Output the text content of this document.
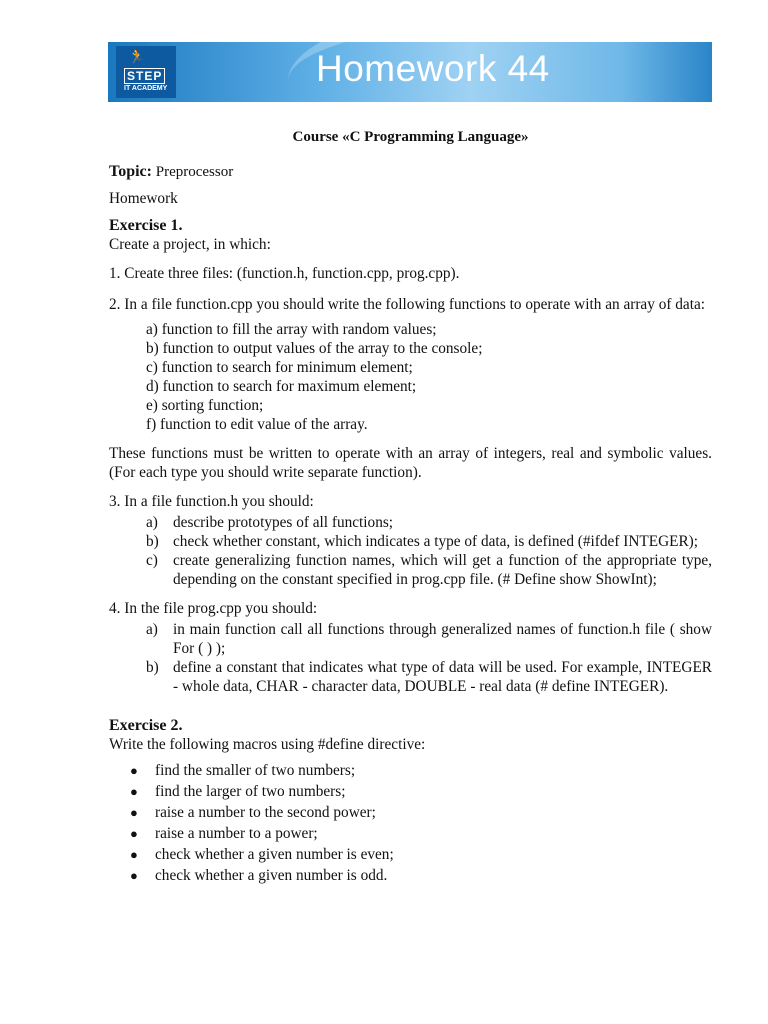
🏃
STEP
IT ACADEMY	Homework 44

Course «C Programming Language»

Topic: Preprocessor

Homework

Exercise 1.

Create a project, in which:

1. Create three files: (function.h, function.cpp, prog.cpp).

2. In a file function.cpp you should write the following functions to operate with an array of data:

a) function to fill the array with random values;
b) function to output values of the array to the console;
c) function to search for minimum element;
d) function to search for maximum element;
e) sorting function;
f) function to edit value of the array.

These functions must be written to operate with an array of integers, real and symbolic values. (For each type you should write separate function).

3. In a file function.h you should:

a) describe prototypes of all functions;
b) check whether constant, which indicates a type of data, is defined (#ifdef INTEGER);
c) create generalizing function names, which will get a function of the appropriate type, depending on the constant specified in prog.cpp file. (# Define show ShowInt);

4. In the file prog.cpp you should:

a) in main function call all functions through generalized names of function.h file ( show For ( ) );
b) define a constant that indicates what type of data will be used. For example, INTEGER - whole data, CHAR - character data, DOUBLE - real data (# define INTEGER).

Exercise 2.

Write the following macros using #define directive:

●	find the smaller of two numbers;
●	find the larger of two numbers;
●	raise a number to the second power;
●	raise a number to a power;
●	check whether a given number is even;
●	check whether a given number is odd.
